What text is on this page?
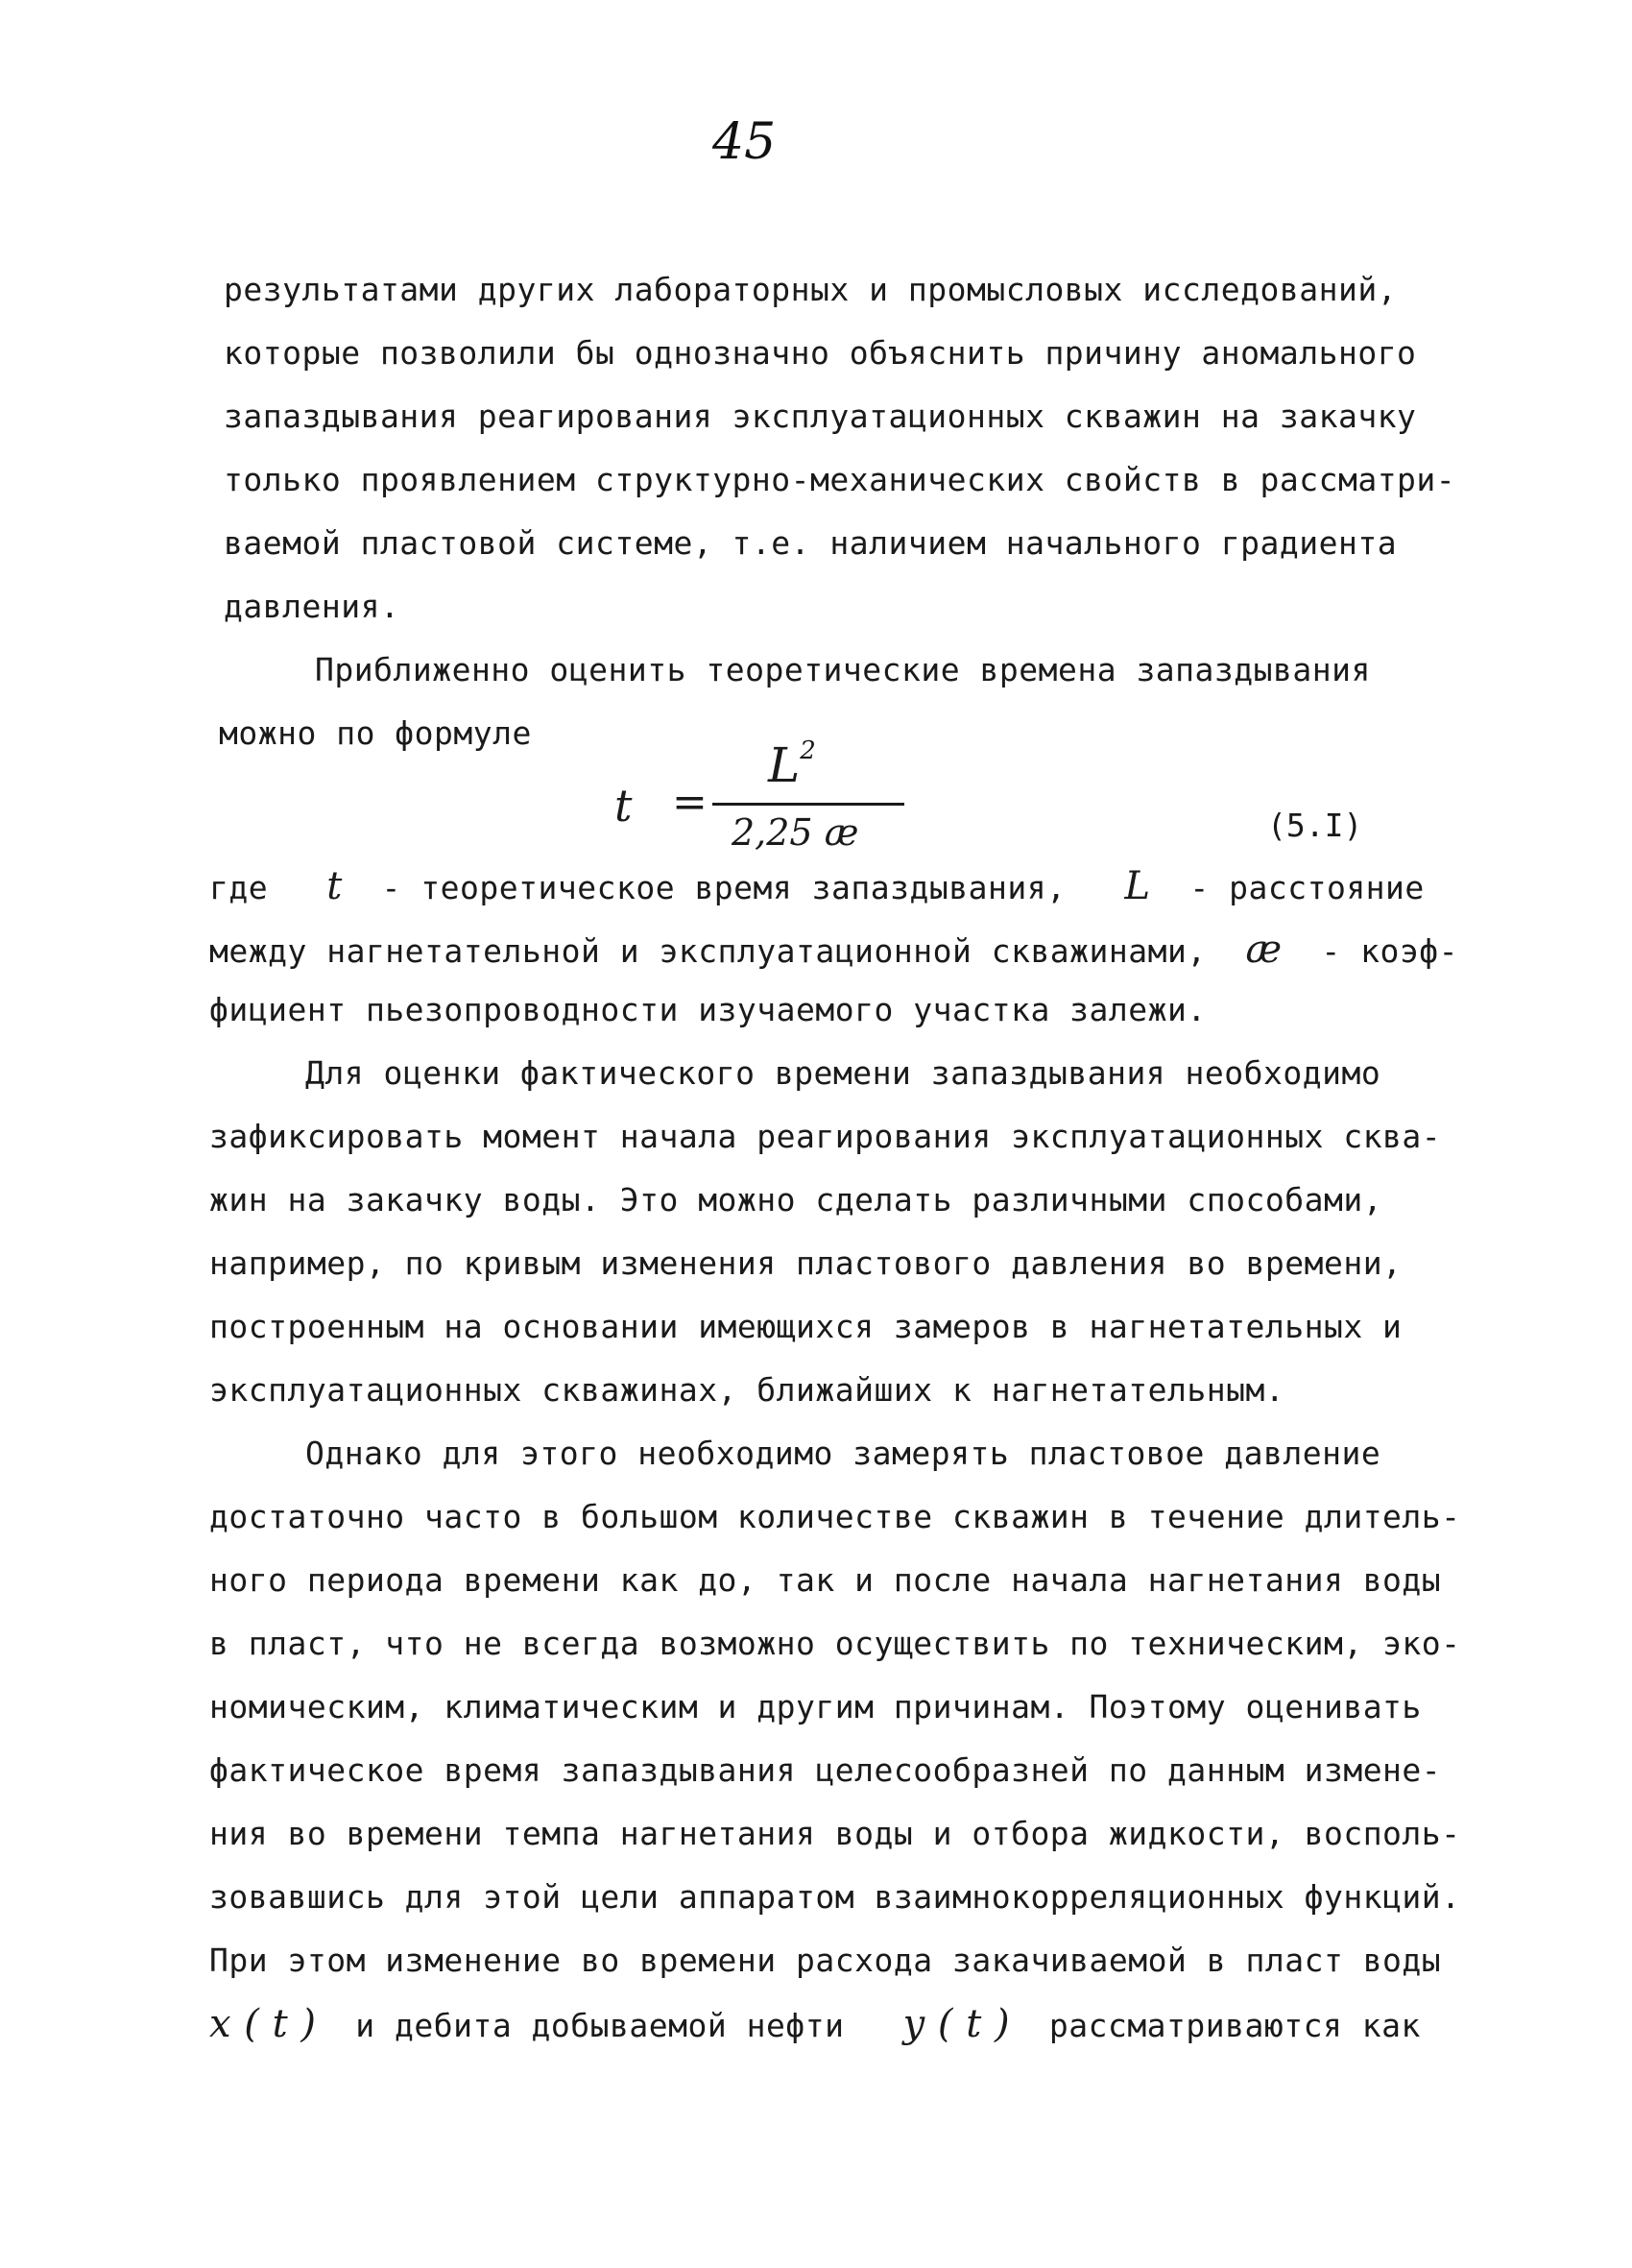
45
результатами других лабораторных и промысловых исследований,
которые позволили бы однозначно объяснить причину аномального
запаздывания реагирования эксплуатационных скважин на закачку
только проявлением структурно-механических свойств в рассматри-
ваемой пластовой системе, т.е. наличием начального градиента
давления.
Приближенно оценить теоретические времена запаздывания
можно по формуле
t =
$L^2$
2,25 æ	(5.I)
где t - теоретическое время запаздывания, L - расстояние
между нагнетательной и эксплуатационной скважинами, æ - коэф-
фициент пьезопроводности изучаемого участка залежи.
Для оценки фактического времени запаздывания необходимо
зафиксировать момент начала реагирования эксплуатационных сква-
жин на закачку воды. Это можно сделать различными способами,
например, по кривым изменения пластового давления во времени,
построенным на основании имеющихся замеров в нагнетательных и
эксплуатационных скважинах, ближайших к нагнетательным.
Однако для этого необходимо замерять пластовое давление
достаточно часто в большом количестве скважин в течение длитель-
ного периода времени как до, так и после начала нагнетания воды
в пласт, что не всегда возможно осуществить по техническим, эко-
номическим, климатическим и другим причинам. Поэтому оценивать
фактическое время запаздывания целесообразней по данным измене-
ния во времени темпа нагнетания воды и отбора жидкости, восполь-
зовавшись для этой цели аппаратом взаимнокорреляционных функций.
При этом изменение во времени расхода закачиваемой в пласт воды
x ( t ) и дебита добываемой нефти y ( t ) рассматриваются как
